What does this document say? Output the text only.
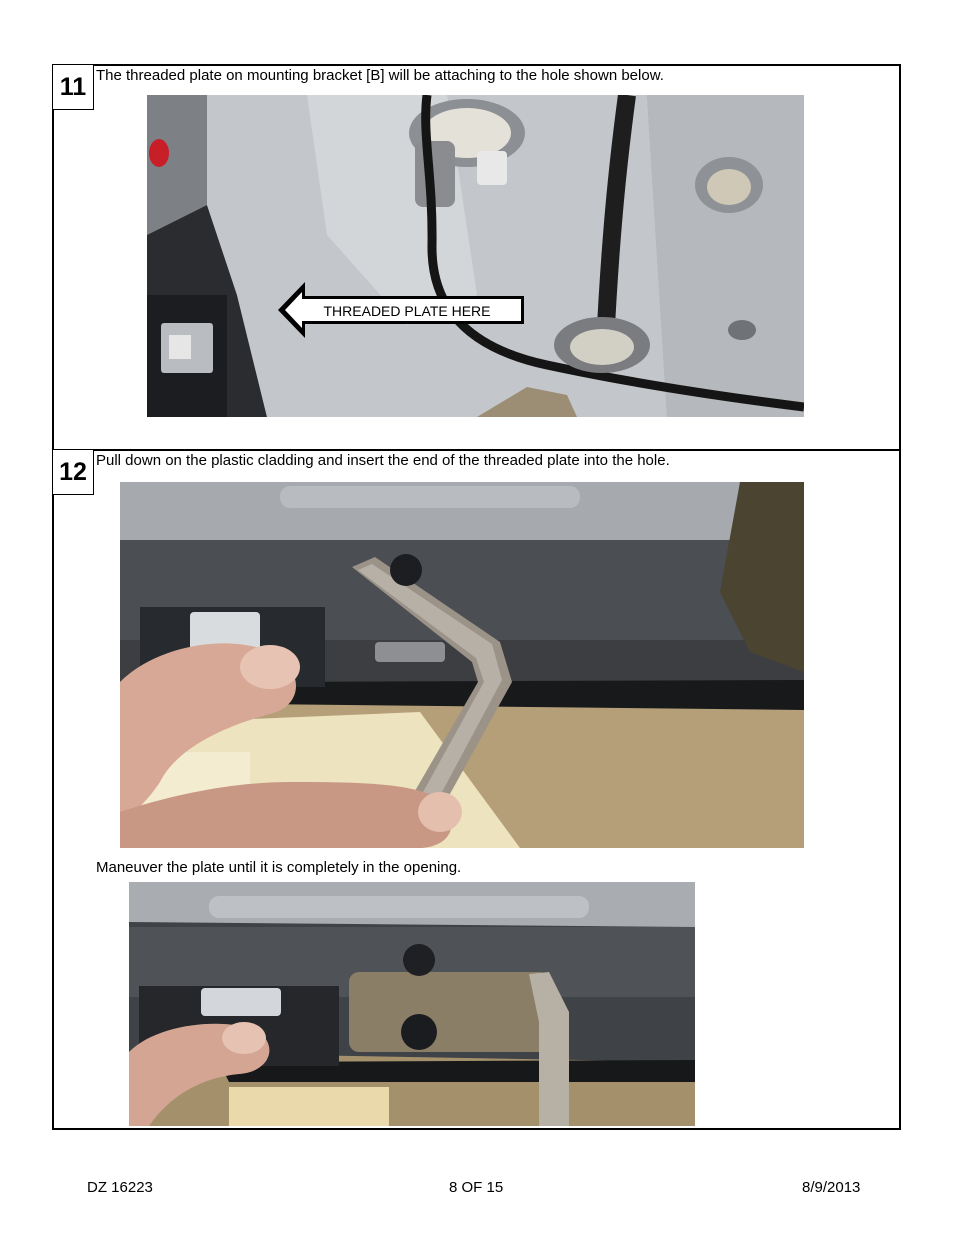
11 The threaded plate on mounting bracket [B] will be attaching to the hole shown below.
THREADED PLATE HERE
12 Pull down on the plastic cladding and insert the end of the threaded plate into the hole.
Maneuver the plate until it is completely in the opening.
DZ 16223	8 OF 15	8/9/2013
